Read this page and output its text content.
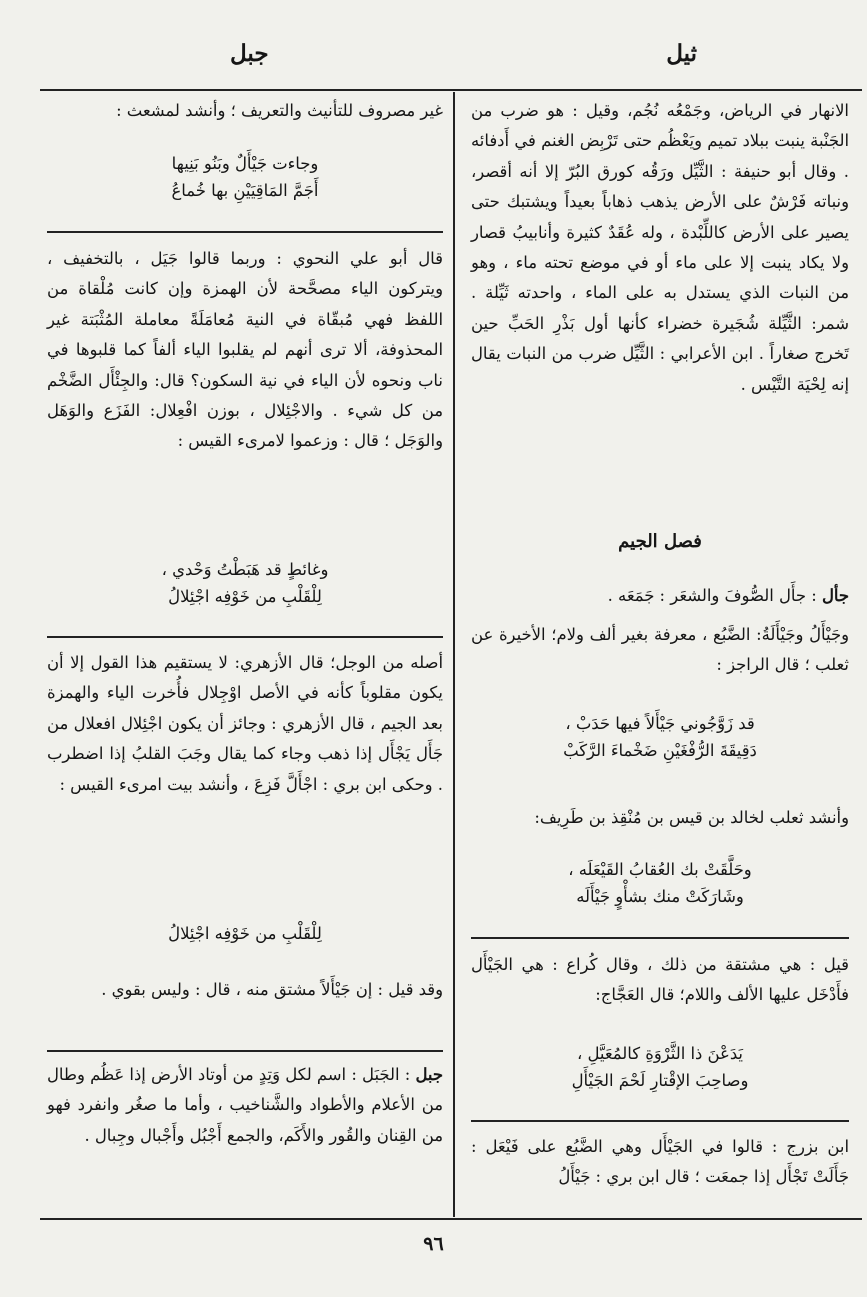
ثيل
جبل

الانهار في الرياض، وجَمْعُه نُجُم، وقيل : هو ضرب من الجَنْبة ينبت ببلاد تميم ويَعْظُم حتى تَرْبِض الغنم في أَدفائه . وقال أبو حنيفة : الثَّيِّل ورَقُه كورق البُرّ إلا أنه أقصر، ونباته فَرْشٌ على الأرض يذهب ذهاباً بعيداً ويشتبك حتى يصير على الأرض كاللِّبْدة ، وله عُقَدٌ كثيرة وأنابيبُ قصار ولا يكاد ينبت إلا على ماء أو في موضع تحته ماء ، وهو من النبات الذي يستدل به على الماء ، واحدته ثَيِّلة . شمر: الثَّيِّلة شُجَيرة خضراء كأنها أول بَذْرِ الحَبِّ حين تَخرج صغاراً . ابن الأعرابي : الثَّيِّل ضرب من النبات يقال إنه لِحْيَة التَّيْس .

فصل الجيم

جأل : جأَل الصُّوفَ والشعَر : جَمَعَه .

وجَيْأَلُ وجَيْأَلَةُ: الضَّبُع ، معرفة بغير ألف ولام؛ الأخيرة عن ثعلب ؛ قال الراجز :

قد زَوَّجُوني جَيْأَلاً فيها حَدَبْ ،
دَقِيقَةَ الرُّفْغَيْنِ ضَخْماءَ الرَّكَبْ

وأنشد ثعلب لخالد بن قيس بن مُنْقِذ بن طَرِيف:

وحَلَّقَتْ بك العُقابُ القَيْعَلَه ،
وشَارَكَتْ منك بشأْوٍ جَيْأَلَه

قيل : هي مشتقة من ذلك ، وقال كُراع : هي الجَيْأَل فأَدْخَل عليها الألف واللام؛ قال العَجَّاج:

يَدَعْنَ ذا الثَّرْوَةِ كالمُعَيَّلِ ،
وصاحِبَ الإقْتارِ لَحْمَ الجَيْأَلِ

ابن بزرج : قالوا في الجَيْأَل وهي الضَّبُع على فَيْعَل : جَأَلَتْ تَجْأَل إذا جمعَت ؛ قال ابن بري : جَيْأَلُ

غير مصروف للتأنيث والتعريف ؛ وأنشد لمشعث :

وجاءت جَيْأَلٌ وبَنُو بَنِيها
أَجَمَّ المَاقِيَيْنِ بها خُماعُ

قال أبو علي النحوي : وربما قالوا جَيَل ، بالتخفيف ، ويتركون الياء مصحَّحة لأن الهمزة وإن كانت مُلْقاة من اللفظ فهي مُبقّاة في النية مُعامَلَةً معاملة المُثْبَتة غير المحذوفة، ألا ترى أنهم لم يقلبوا الياء ألفاً كما قلبوها في ناب ونحوه لأن الياء في نية السكون؟ قال: والجِئْأَل الضَّخْم من كل شيء . والاجْئِلال ، بوزن افْعِلال: الفَزَع والوَهَل والوَجَل ؛ قال : وزعموا لامرىء القيس :

وغائطٍ قد هَبَطْتُ وَحْدي ،
لِلْقَلْبِ من خَوْفِه اجْئِلالُ

أصله من الوجل؛ قال الأزهري: لا يستقيم هذا القول إلا أن يكون مقلوباً كأنه في الأصل اوْجِلال فأُخرت الياء والهمزة بعد الجيم ، قال الأزهري : وجائز أن يكون اجْئِلال افعلال من جَأَل يَجْأَل إذا ذهب وجاء كما يقال وجَبَ القلبُ إذا اضطرب . وحكى ابن بري : اجْأَلَّ فَزِعَ ، وأنشد بيت امرىء القيس :

لِلْقَلْبِ من خَوْفِه اجْئِلالُ

وقد قيل : إن جَيْأَلاً مشتق منه ، قال : وليس بقوي .

جبل : الجَبَل : اسم لكل وَتِدٍ من أوتاد الأرض إذا عَظُم وطال من الأعلام والأطواد والشَّناخيب ، وأما ما صغُر وانفرد فهو من القِنان والقُور والأَكَم، والجمع أَجْبُل وأَجْبال وجِبال .

٩٦
